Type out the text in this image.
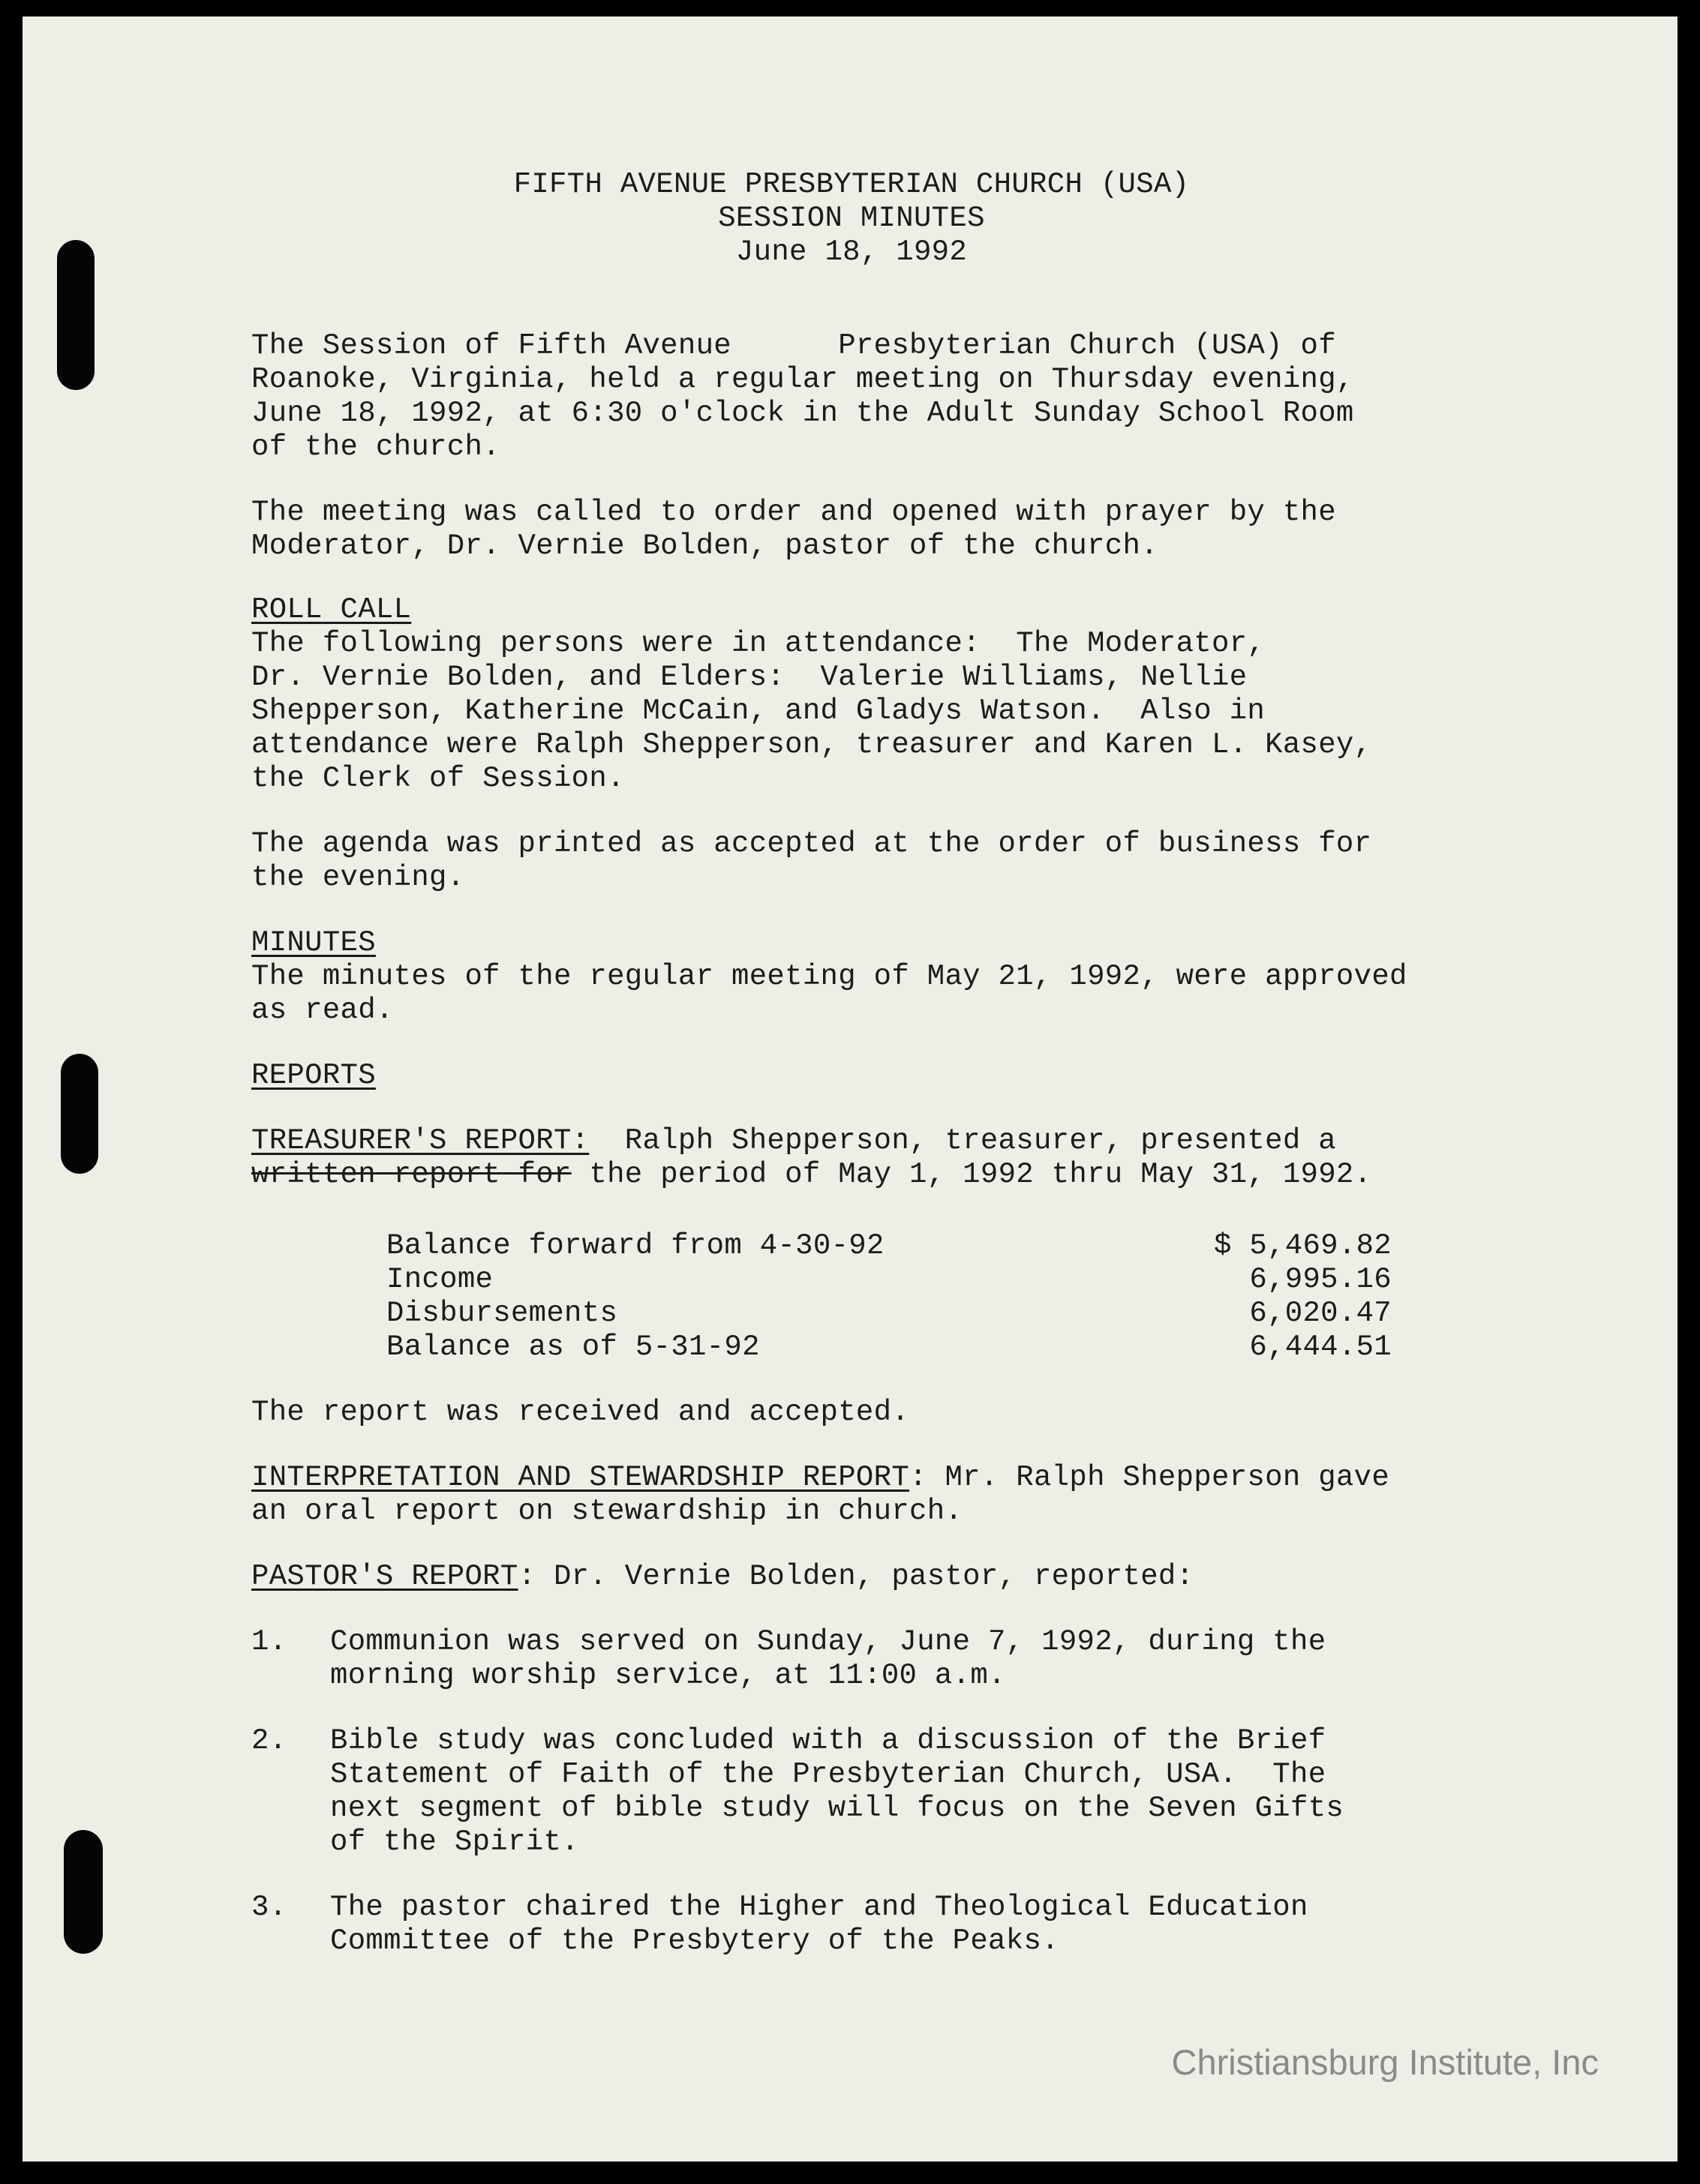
FIFTH AVENUE PRESBYTERIAN CHURCH (USA)
SESSION MINUTES
June 18, 1992

The Session of Fifth Avenue      Presbyterian Church (USA) of
Roanoke, Virginia, held a regular meeting on Thursday evening,
June 18, 1992, at 6:30 o'clock in the Adult Sunday School Room
of the church.

The meeting was called to order and opened with prayer by the
Moderator, Dr. Vernie Bolden, pastor of the church.

ROLL CALL

The following persons were in attendance:  The Moderator,
Dr. Vernie Bolden, and Elders:  Valerie Williams, Nellie
Shepperson, Katherine McCain, and Gladys Watson.  Also in
attendance were Ralph Shepperson, treasurer and Karen L. Kasey,
the Clerk of Session.

The agenda was printed as accepted at the order of business for
the evening.

MINUTES

The minutes of the regular meeting of May 21, 1992, were approved
as read.

REPORTS

TREASURER'S REPORT:  Ralph Shepperson, treasurer, presented a

written report for the period of May 1, 1992 thru May 31, 1992.

Balance forward from 4-30-92	$ 5,469.82
Income	6,995.16
Disbursements	6,020.47
Balance as of 5-31-92	6,444.51

The report was received and accepted.

INTERPRETATION AND STEWARDSHIP REPORT: Mr. Ralph Shepperson gave

an oral report on stewardship in church.

PASTOR'S REPORT: Dr. Vernie Bolden, pastor, reported:

1.	Communion was served on Sunday, June 7, 1992, during the
morning worship service, at 11:00 a.m.
2.	Bible study was concluded with a discussion of the Brief
Statement of Faith of the Presbyterian Church, USA.  The
next segment of bible study will focus on the Seven Gifts
of the Spirit.
3.	The pastor chaired the Higher and Theological Education
Committee of the Presbytery of the Peaks.
Christiansburg Institute, Inc
